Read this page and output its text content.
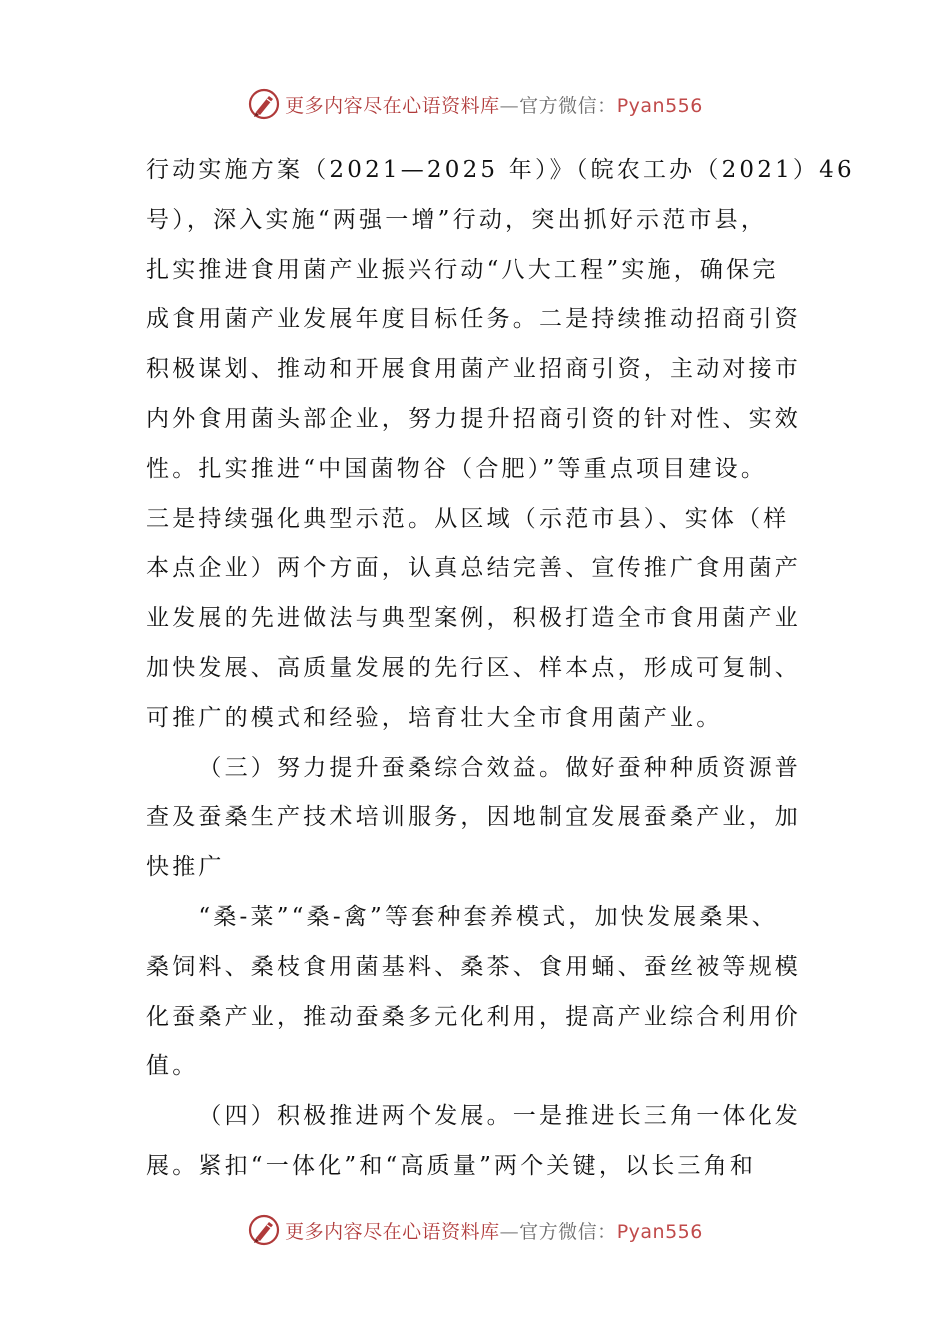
更多内容尽在心语资料库—官方微信：Pyan556
行动实施方案（2021—2025 年）》（皖农工办（2021）46
号），深入实施“两强一增”行动，突出抓好示范市县，
扎实推进食用菌产业振兴行动“八大工程”实施，确保完
成食用菌产业发展年度目标任务。二是持续推动招商引资
积极谋划、推动和开展食用菌产业招商引资，主动对接市
内外食用菌头部企业，努力提升招商引资的针对性、实效
性。扎实推进“中国菌物谷（合肥）”等重点项目建设。
三是持续强化典型示范。从区域（示范市县）、实体（样
本点企业）两个方面，认真总结完善、宣传推广食用菌产
业发展的先进做法与典型案例，积极打造全市食用菌产业
加快发展、高质量发展的先行区、样本点，形成可复制、
可推广的模式和经验，培育壮大全市食用菌产业。
（三）努力提升蚕桑综合效益。做好蚕种种质资源普
查及蚕桑生产技术培训服务，因地制宜发展蚕桑产业，加
快推广
“桑-菜”“桑-禽”等套种套养模式，加快发展桑果、
桑饲料、桑枝食用菌基料、桑茶、食用蛹、蚕丝被等规模
化蚕桑产业，推动蚕桑多元化利用，提高产业综合利用价
值。
（四）积极推进两个发展。一是推进长三角一体化发
展。紧扣“一体化”和“高质量”两个关键，以长三角和
更多内容尽在心语资料库—官方微信：Pyan556
